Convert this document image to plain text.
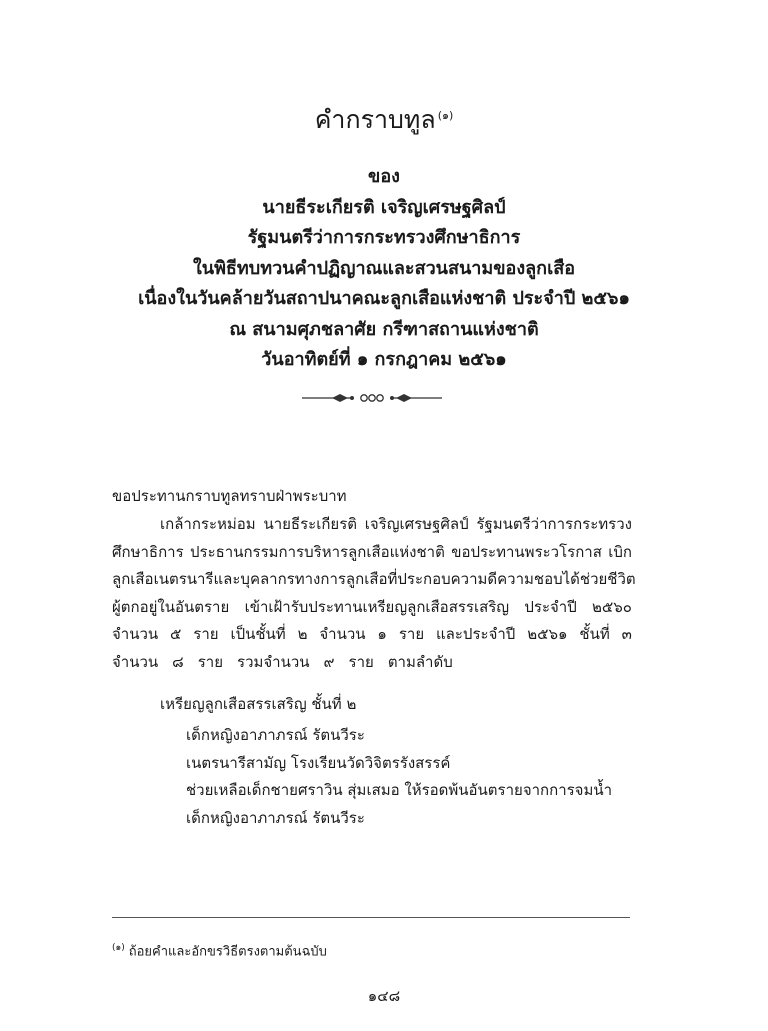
คำกราบทูล $^{(๑)}$
ของ
นายธีระเกียรติ เจริญเศรษฐศิลป์
รัฐมนตรีว่าการกระทรวงศึกษาธิการ
ในพิธีทบทวนคำปฏิญาณและสวนสนามของลูกเสือ
เนื่องในวันคล้ายวันสถาปนาคณะลูกเสือแห่งชาติ ประจำปี ๒๕๖๑
ณ สนามศุภชลาศัย กรีฑาสถานแห่งชาติ
วันอาทิตย์ที่ ๑ กรกฎาคม ๒๕๖๑
ขอประทานกราบทูลทราบฝ่าพระบาท
เกล้ากระหม่อม นายธีระเกียรติ เจริญเศรษฐศิลป์ รัฐมนตรีว่าการกระทรวง
ศึกษาธิการ ประธานกรรมการบริหารลูกเสือแห่งชาติ ขอประทานพระวโรกาส เบิก
ลูกเสือ เนตรนารี และบุคลากรทางการลูกเสือ ที่ประกอบความดีความชอบ ได้ช่วยชีวิต
ผู้ตกอยู่ในอันตราย เข้าเฝ้ารับประทานเหรียญลูกเสือสรรเสริญ ประจำปี ๒๕๖๐
จำนวน ๕ ราย เป็นชั้นที่ ๒ จำนวน ๑ ราย และประจำปี ๒๕๖๑ ชั้นที่ ๓
จำนวน ๘ ราย รวมจำนวน ๙ ราย ตามลำดับ
เหรียญลูกเสือสรรเสริญ ชั้นที่ ๒
เด็กหญิงอาภาภรณ์ รัตนวีระ
เนตรนารีสามัญ โรงเรียนวัดวิจิตรรังสรรค์
ช่วยเหลือเด็กชายศราวิน สุ่มเสมอ ให้รอดพ้นอันตรายจากการจมน้ำ
เด็กหญิงอาภาภรณ์ รัตนวีระ
$^{(๑)}$ ถ้อยคำและอักขรวิธีตรงตามต้นฉบับ
๑๔๘
